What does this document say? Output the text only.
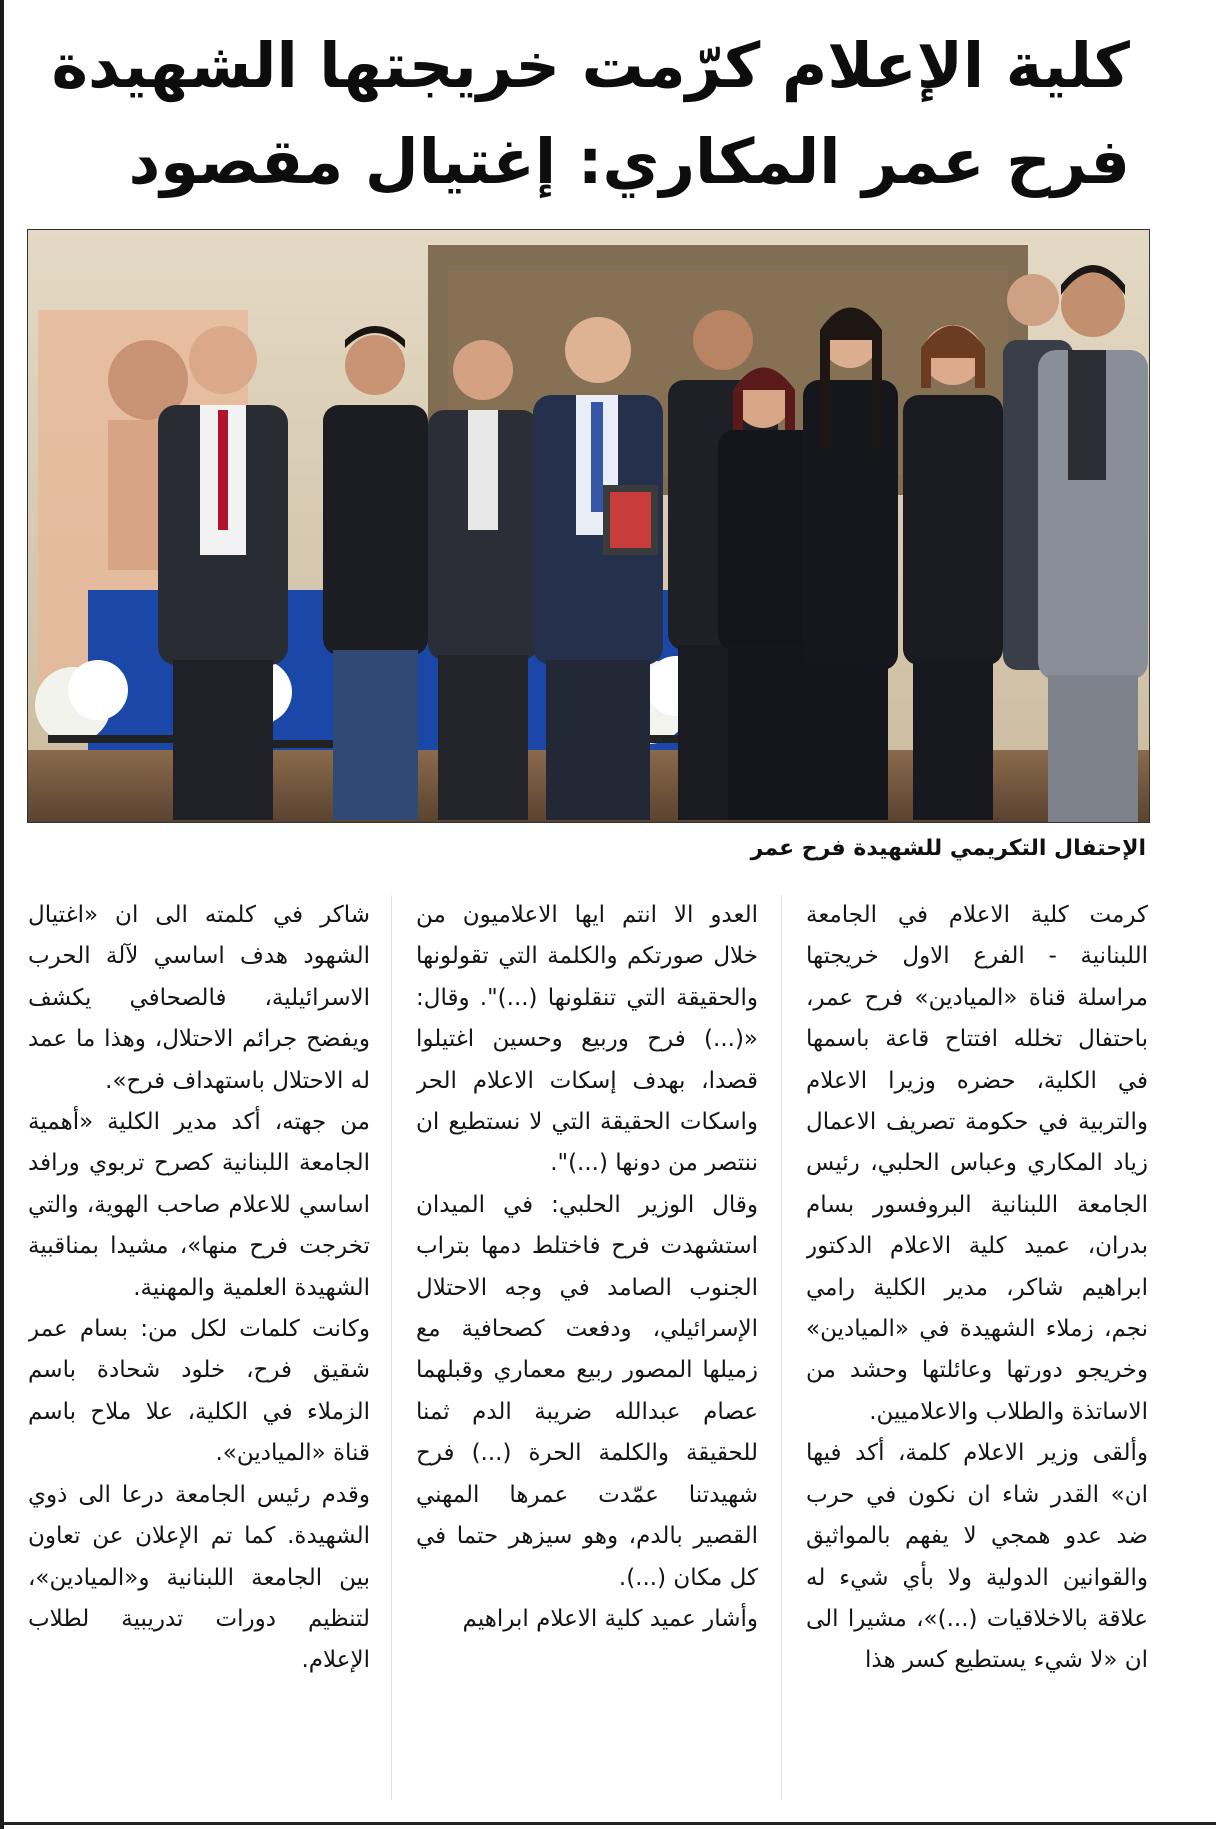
كلية الإعلام كرّمت خريجتها الشهيدة فرح عمر المكاري: إغتيال مقصود
الإحتفال التكريمي للشهيدة فرح عمر

كرمت كلية الاعلام في الجامعة اللبنانية - الفرع الاول خريجتها مراسلة قناة «الميادين» فرح عمر، باحتفال تخلله افتتاح قاعة باسمها في الكلية، حضره وزيرا الاعلام والتربية في حكومة تصريف الاعمال زياد المكاري وعباس الحلبي، رئيس الجامعة اللبنانية البروفسور بسام بدران، عميد كلية الاعلام الدكتور ابراهيم شاكر، مدير الكلية رامي نجم، زملاء الشهيدة في «الميادين» وخريجو دورتها وعائلتها وحشد من الاساتذة والطلاب والاعلاميين.

وألقى وزير الاعلام كلمة، أكد فيها ان» القدر شاء ان نكون في حرب ضد عدو همجي لا يفهم بالمواثيق والقوانين الدولية ولا بأي شيء له علاقة بالاخلاقيات (...)»، مشيرا الى ان «لا شيء يستطيع كسر هذا

العدو الا انتم ايها الاعلاميون من خلال صورتكم والكلمة التي تقولونها والحقيقة التي تنقلونها (...)". وقال: «(...) فرح وربيع وحسين اغتيلوا قصدا، بهدف إسكات الاعلام الحر واسكات الحقيقة التي لا نستطيع ان ننتصر من دونها (...)".

وقال الوزير الحلبي: في الميدان استشهدت فرح فاختلط دمها بتراب الجنوب الصامد في وجه الاحتلال الإسرائيلي، ودفعت كصحافية مع زميلها المصور ربيع معماري وقبلهما عصام عبدالله ضريبة الدم ثمنا للحقيقة والكلمة الحرة (...) فرح شهيدتنا عمّدت عمرها المهني القصير بالدم، وهو سيزهر حتما في كل مكان (...).

وأشار عميد كلية الاعلام ابراهيم

شاكر في كلمته الى ان «اغتيال الشهود هدف اساسي لآلة الحرب الاسرائيلية، فالصحافي يكشف ويفضح جرائم الاحتلال، وهذا ما عمد له الاحتلال باستهداف فرح».

من جهته، أكد مدير الكلية «أهمية الجامعة اللبنانية كصرح تربوي ورافد اساسي للاعلام صاحب الهوية، والتي تخرجت فرح منها»، مشيدا بمناقبية الشهيدة العلمية والمهنية.

وكانت كلمات لكل من: بسام عمر شقيق فرح، خلود شحادة باسم الزملاء في الكلية، علا ملاح باسم قناة «الميادين».

وقدم رئيس الجامعة درعا الى ذوي الشهيدة. كما تم الإعلان عن تعاون بين الجامعة اللبنانية و«الميادين»، لتنظيم دورات تدريبية لطلاب الإعلام.
